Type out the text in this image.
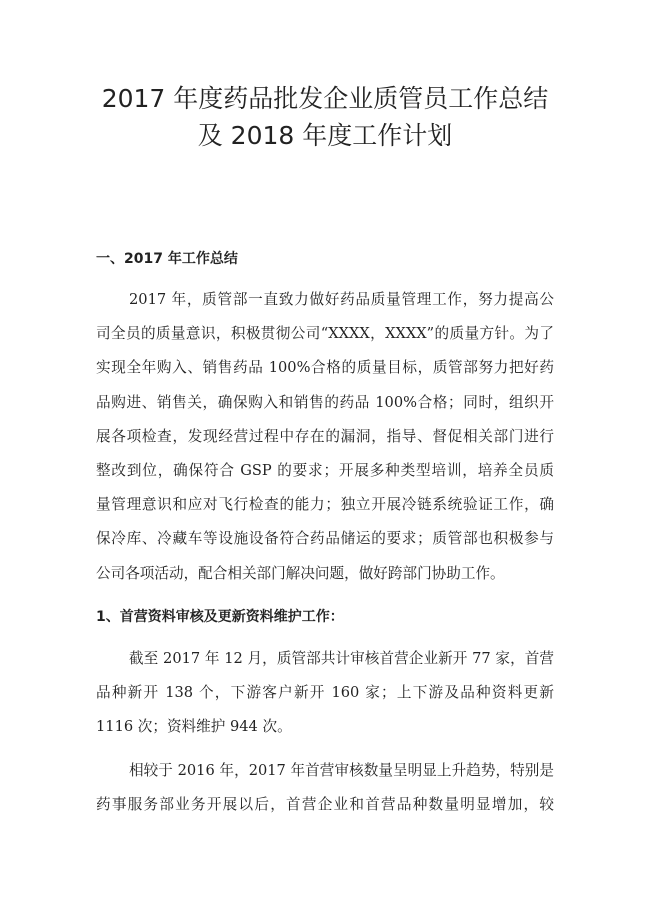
2017 年度药品批发企业质管员工作总结
及 2018 年度工作计划
一、2017 年工作总结

2017 年，质管部一直致力做好药品质量管理工作，努力提高公
司全员的质量意识，积极贯彻公司“XXXX，XXXX”的质量方针。为了
实现全年购入、销售药品 100%合格的质量目标，质管部努力把好药
品购进、销售关，确保购入和销售的药品 100%合格；同时，组织开
展各项检查，发现经营过程中存在的漏洞，指导、督促相关部门进行
整改到位，确保符合 GSP 的要求；开展多种类型培训，培养全员质
量管理意识和应对飞行检查的能力；独立开展冷链系统验证工作，确
保冷库、冷藏车等设施设备符合药品储运的要求；质管部也积极参与
公司各项活动，配合相关部门解决问题，做好跨部门协助工作。

1、首营资料审核及更新资料维护工作：

截至 2017 年 12 月，质管部共计审核首营企业新开 77 家，首营
品种新开 138 个，下游客户新开 160 家；上下游及品种资料更新
1116 次；资料维护 944 次。

相较于 2016 年，2017 年首营审核数量呈明显上升趋势，特别是
药事服务部业务开展以后，首营企业和首营品种数量明显增加，较
